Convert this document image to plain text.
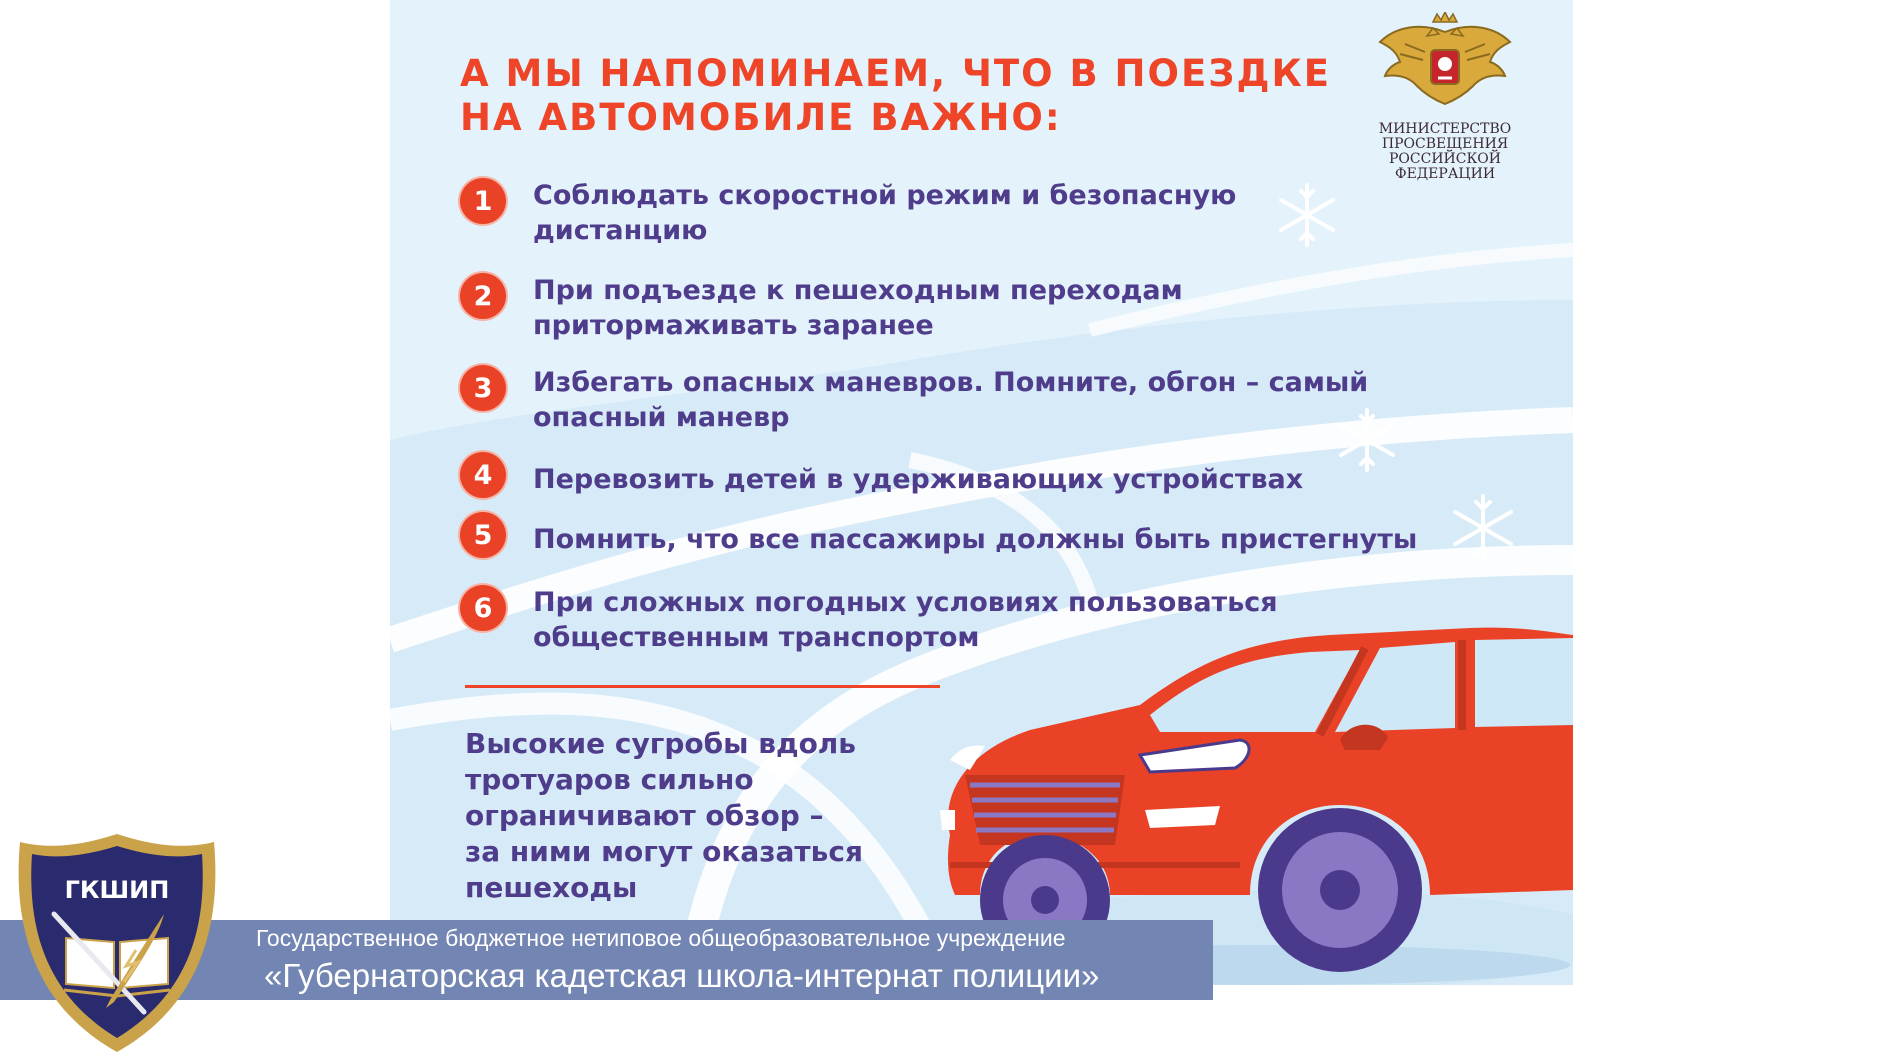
А МЫ НАПОМИНАЕМ, ЧТО В ПОЕЗДКЕ
НА АВТОМОБИЛЕ ВАЖНО:	МИНИСТЕРСТВО
ПРОСВЕЩЕНИЯ
РОССИЙСКОЙ
ФЕДЕРАЦИИ
1	Соблюдать скоростной режим и безопасную
дистанцию
2	При подъезде к пешеходным переходам
притормаживать заранее
3	Избегать опасных маневров. Помните, обгон – самый
опасный маневр
4	Перевозить детей в удерживающих устройствах
5	Помнить, что все пассажиры должны быть пристегнуты
6	При сложных погодных условиях пользоваться
общественным транспортом
Высокие сугробы вдоль
тротуаров сильно
ограничивают обзор –
за ними могут оказаться
пешеходы
Государственное бюджетное нетиповое общеобразовательное учреждение
«Губернаторская кадетская школа-интернат полиции»
ГКШИП
